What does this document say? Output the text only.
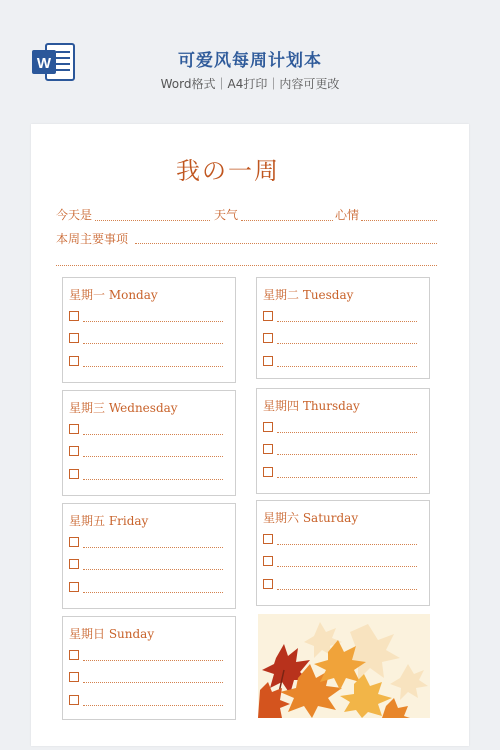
W	可爱风每周计划本
Word格式｜A4打印｜内容可更改
我の一周
今天是	天气	心情
本周主要事项
星期一 Monday	星期二 Tuesday
星期三 Wednesday	星期四 Thursday
星期五 Friday	星期六 Saturday
星期日 Sunday
